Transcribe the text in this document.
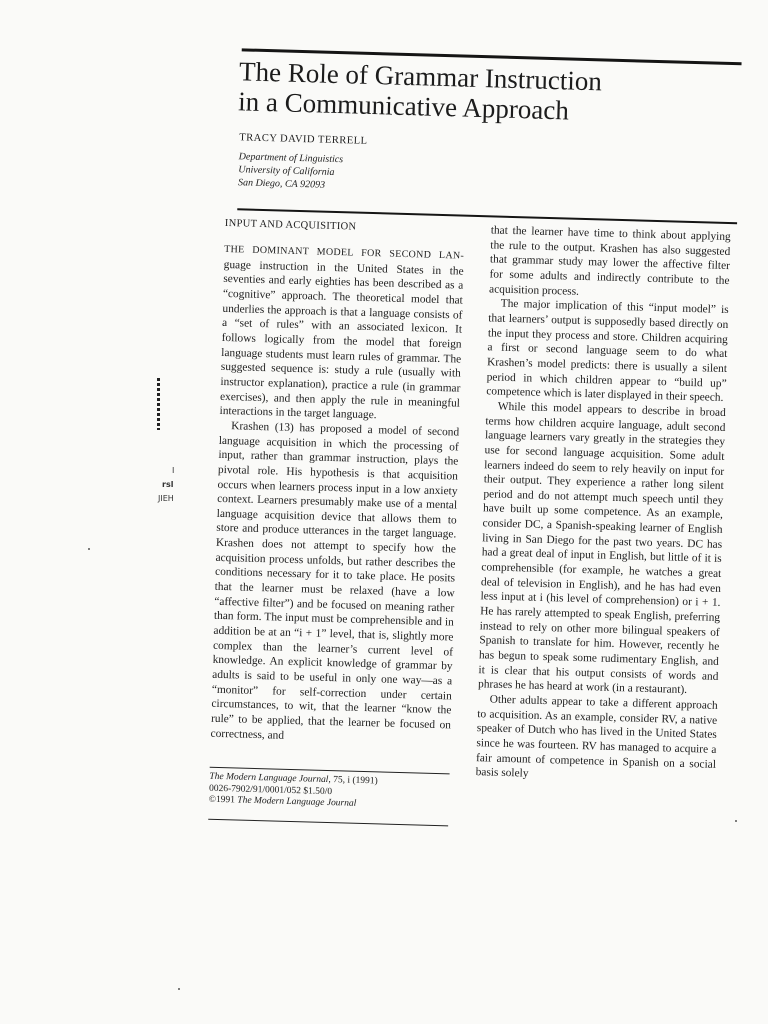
The Role of Grammar Instruction
in a Communicative Approach
TRACY DAVID TERRELL
Department of Linguistics
University of California
San Diego, CA 92093
INPUT AND ACQUISITION

THE DOMINANT MODEL FOR SECOND LAN- guage instruction in the United States in the seventies and early eighties has been described as a “cognitive” approach. The theoretical model that underlies the approach is that a language consists of a “set of rules” with an associated lexicon. It follows logically from the model that foreign language students must learn rules of grammar. The suggested sequence is: study a rule (usually with instructor explanation), practice a rule (in grammar exercises), and then apply the rule in meaningful interactions in the target language.

Krashen (13) has proposed a model of second language acquisition in which the processing of input, rather than grammar instruction, plays the pivotal role. His hypothesis is that acquisition occurs when learners process input in a low anxiety context. Learners presumably make use of a mental language acquisition device that allows them to store and produce utterances in the target language. Krashen does not attempt to specify how the acquisition process unfolds, but rather describes the conditions necessary for it to take place. He posits that the learner must be relaxed (have a low “affective filter”) and be focused on meaning rather than form. The input must be comprehensible and in addition be at an “i + 1” level, that is, slightly more complex than the learner’s current level of knowledge. An explicit knowledge of grammar by adults is said to be useful in only one way—as a “monitor” for self-correction under certain circumstances, to wit, that the learner “know the rule” to be applied, that the learner be focused on correctness, and

The Modern Language Journal, 75, i (1991)
0026-7902/91/0001/052 $1.50/0
©1991 The Modern Language Journal

that the learner have time to think about applying the rule to the output. Krashen has also suggested that grammar study may lower the affective filter for some adults and indirectly contribute to the acquisition process.

The major implication of this “input model” is that learners’ output is supposedly based directly on the input they process and store. Children acquiring a first or second language seem to do what Krashen’s model predicts: there is usually a silent period in which children appear to “build up” competence which is later displayed in their speech.

While this model appears to describe in broad terms how children acquire language, adult second language learners vary greatly in the strategies they use for second language acquisition. Some adult learners indeed do seem to rely heavily on input for their output. They experience a rather long silent period and do not attempt much speech until they have built up some competence. As an example, consider DC, a Spanish-speaking learner of English living in San Diego for the past two years. DC has had a great deal of input in English, but little of it is comprehensible (for example, he watches a great deal of television in English), and he has had even less input at i (his level of comprehension) or i + 1. He has rarely attempted to speak English, preferring instead to rely on other more bilingual speakers of Spanish to translate for him. However, recently he has begun to speak some rudimentary English, and it is clear that his output consists of words and phrases he has heard at work (in a restaurant).

Other adults appear to take a different approach to acquisition. As an example, consider RV, a native speaker of Dutch who has lived in the United States since he was fourteen. RV has managed to acquire a fair amount of competence in Spanish on a social basis solely

I
rsl
JIEH
